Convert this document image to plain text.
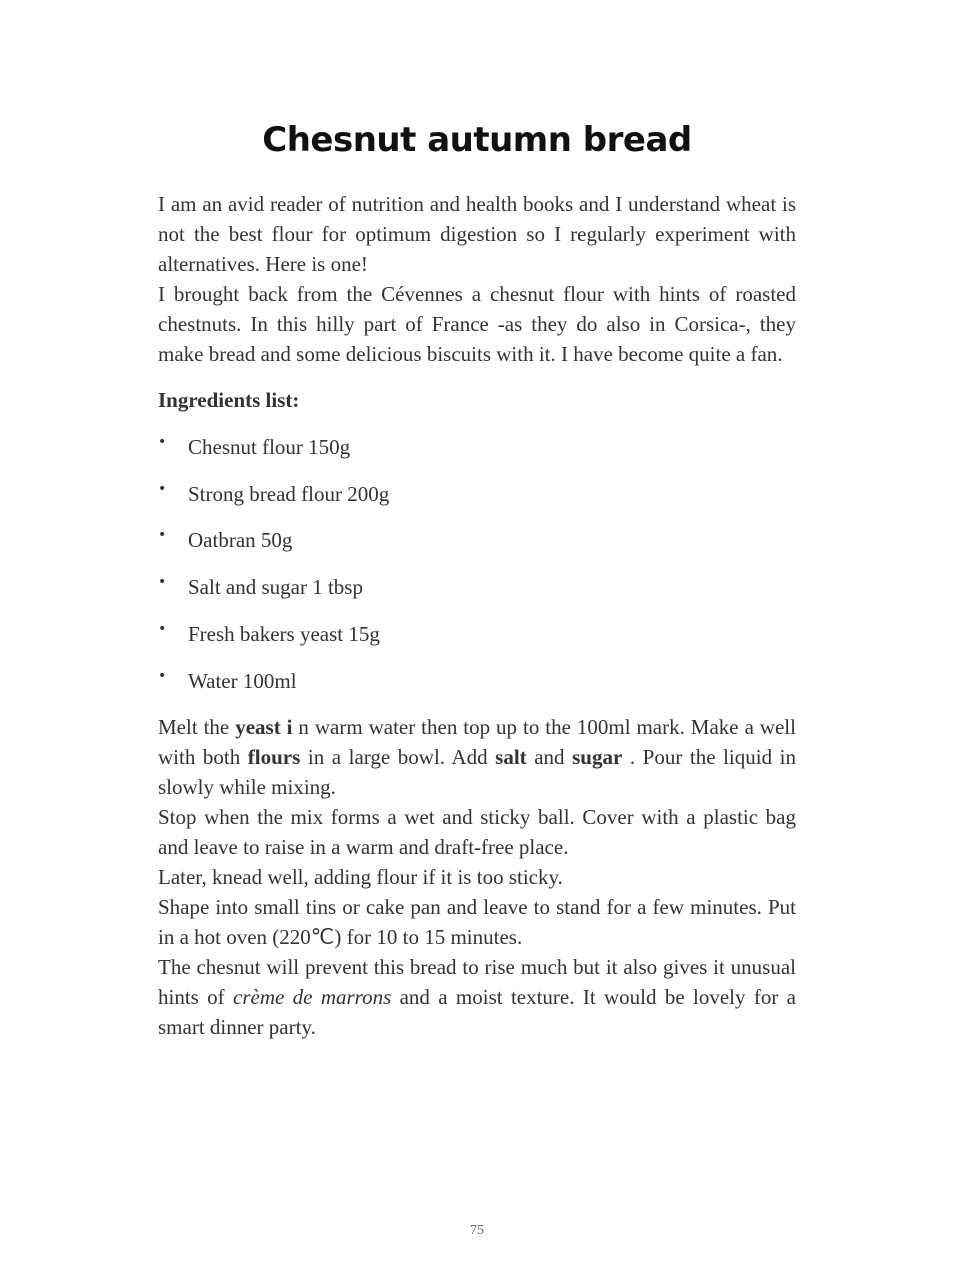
Chesnut autumn bread

I am an avid reader of nutrition and health books and I understand wheat is not the best flour for optimum digestion so I regularly experiment with alternatives. Here is one!

I brought back from the Cévennes a chesnut flour with hints of roasted chestnuts. In this hilly part of France -as they do also in Corsica-, they make bread and some delicious biscuits with it. I have become quite a fan.

Ingredients list:

• Chesnut flour 150g
• Strong bread flour 200g
• Oatbran 50g
• Salt and sugar 1 tbsp
• Fresh bakers yeast 15g
• Water 100ml

Melt the yeast i n warm water then top up to the 100ml mark. Make a well with both flours in a large bowl. Add salt and sugar . Pour the liquid in slowly while mixing.

Stop when the mix forms a wet and sticky ball. Cover with a plastic bag and leave to raise in a warm and draft-free place.

Later, knead well, adding flour if it is too sticky.

Shape into small tins or cake pan and leave to stand for a few minutes. Put in a hot oven (220℃) for 10 to 15 minutes.

The chesnut will prevent this bread to rise much but it also gives it unusual hints of crème de marrons and a moist texture. It would be lovely for a smart dinner party.

75
